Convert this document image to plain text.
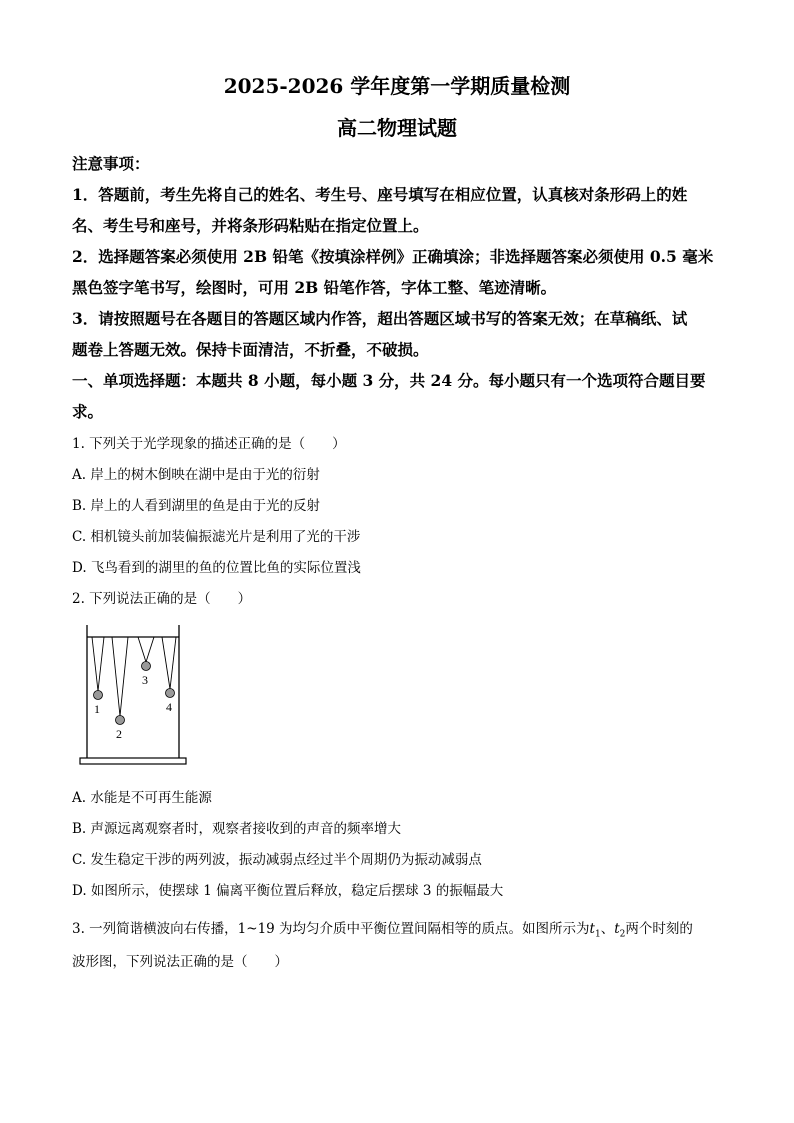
2025-2026 学年度第一学期质量检测
高二物理试题
注意事项：
1．答题前，考生先将自己的姓名、考生号、座号填写在相应位置，认真核对条形码上的姓
名、考生号和座号，并将条形码粘贴在指定位置上。
2．选择题答案必须使用 2B 铅笔《按填涂样例》正确填涂；非选择题答案必须使用 0.5 毫米
黑色签字笔书写，绘图时，可用 2B 铅笔作答，字体工整、笔迹清晰。
3．请按照题号在各题目的答题区域内作答，超出答题区域书写的答案无效；在草稿纸、试
题卷上答题无效。保持卡面清洁，不折叠，不破损。
一、单项选择题：本题共 8 小题，每小题 3 分，共 24 分。每小题只有一个选项符合题目要
求。
1. 下列关于光学现象的描述正确的是（　　）
A. 岸上的树木倒映在湖中是由于光的衍射
B. 岸上的人看到湖里的鱼是由于光的反射
C. 相机镜头前加装偏振滤光片是利用了光的干涉
D. 飞鸟看到的湖里的鱼的位置比鱼的实际位置浅
2. 下列说法正确的是（　　）
1
2
3
4
A. 水能是不可再生能源
B. 声源远离观察者时，观察者接收到的声音的频率增大
C. 发生稳定干涉的两列波，振动减弱点经过半个周期仍为振动减弱点
D. 如图所示，使摆球 1 偏离平衡位置后释放，稳定后摆球 3 的振幅最大
3. 一列简谐横波向右传播，1~19 为均匀介质中平衡位置间隔相等的质点。如图所示为$t_1$、$t_2$两个时刻的
波形图，下列说法正确的是（　　）
